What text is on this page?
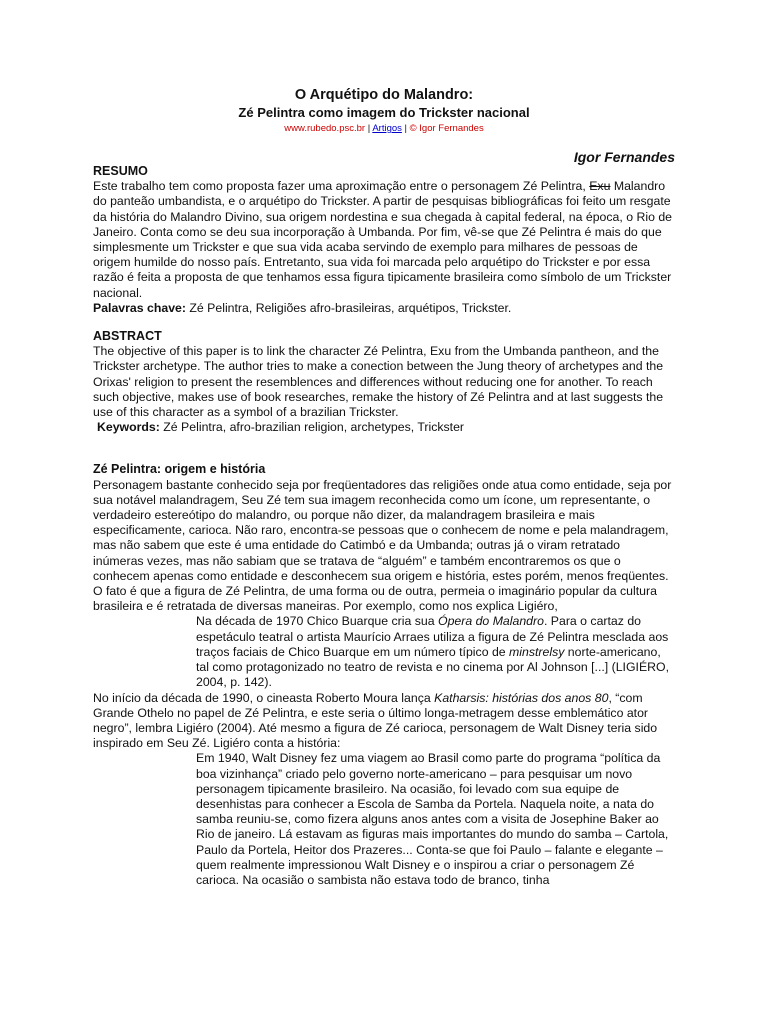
O Arquétipo do Malandro:
Zé Pelintra como imagem do Trickster nacional
www.rubedo.psc.br | Artigos | © Igor Fernandes
Igor Fernandes

RESUMO

Este trabalho tem como proposta fazer uma aproximação entre o personagem Zé Pelintra, Exu Malandro do panteão umbandista, e o arquétipo do Trickster. A partir de pesquisas bibliográficas foi feito um resgate da história do Malandro Divino, sua origem nordestina e sua chegada à capital federal, na época, o Rio de Janeiro. Conta como se deu sua incorporação à Umbanda. Por fim, vê-se que Zé Pelintra é mais do que simplesmente um Trickster e que sua vida acaba servindo de exemplo para milhares de pessoas de origem humilde do nosso país. Entretanto, sua vida foi marcada pelo arquétipo do Trickster e por essa razão é feita a proposta de que tenhamos essa figura tipicamente brasileira como símbolo de um Trickster nacional.

Palavras chave: Zé Pelintra, Religiões afro-brasileiras, arquétipos, Trickster.

ABSTRACT

The objective of this paper is to link the character Zé Pelintra, Exu from the Umbanda pantheon, and the Trickster archetype. The author tries to make a conection between the Jung theory of archetypes and the Orixas' religion to present the resemblences and differences without reducing one for another. To reach such objective, makes use of book researches, remake the history of Zé Pelintra and at last suggests the use of this character as a symbol of a brazilian Trickster.

Keywords: Zé Pelintra, afro-brazilian religion, archetypes, Trickster

Zé Pelintra: origem e história

Personagem bastante conhecido seja por freqüentadores das religiões onde atua como entidade, seja por sua notável malandragem, Seu Zé tem sua imagem reconhecida como um ícone, um representante, o verdadeiro estereótipo do malandro, ou porque não dizer, da malandragem brasileira e mais especificamente, carioca. Não raro, encontra-se pessoas que o conhecem de nome e pela malandragem, mas não sabem que este é uma entidade do Catimbó e da Umbanda; outras já o viram retratado inúmeras vezes, mas não sabiam que se tratava de “alguém” e também encontraremos os que o conhecem apenas como entidade e desconhecem sua origem e história, estes porém, menos freqüentes. O fato é que a figura de Zé Pelintra, de uma forma ou de outra, permeia o imaginário popular da cultura brasileira e é retratada de diversas maneiras. Por exemplo, como nos explica Ligiéro,

Na década de 1970 Chico Buarque cria sua Ópera do Malandro. Para o cartaz do espetáculo teatral o artista Maurício Arraes utiliza a figura de Zé Pelintra mesclada aos traços faciais de Chico Buarque em um número típico de minstrelsy norte-americano, tal como protagonizado no teatro de revista e no cinema por Al Johnson [...] (LIGIÉRO, 2004, p. 142).

No início da década de 1990, o cineasta Roberto Moura lança Katharsis: histórias dos anos 80, “com Grande Othelo no papel de Zé Pelintra, e este seria o último longa-metragem desse emblemático ator negro”, lembra Ligiéro (2004). Até mesmo a figura de Zé carioca, personagem de Walt Disney teria sido inspirado em Seu Zé. Ligiéro conta a história:

Em 1940, Walt Disney fez uma viagem ao Brasil como parte do programa “política da boa vizinhança” criado pelo governo norte-americano – para pesquisar um novo personagem tipicamente brasileiro. Na ocasião, foi levado com sua equipe de desenhistas para conhecer a Escola de Samba da Portela. Naquela noite, a nata do samba reuniu-se, como fizera alguns anos antes com a visita de Josephine Baker ao Rio de janeiro. Lá estavam as figuras mais importantes do mundo do samba – Cartola, Paulo da Portela, Heitor dos Prazeres... Conta-se que foi Paulo – falante e elegante – quem realmente impressionou Walt Disney e o inspirou a criar o personagem Zé carioca. Na ocasião o sambista não estava todo de branco, tinha
